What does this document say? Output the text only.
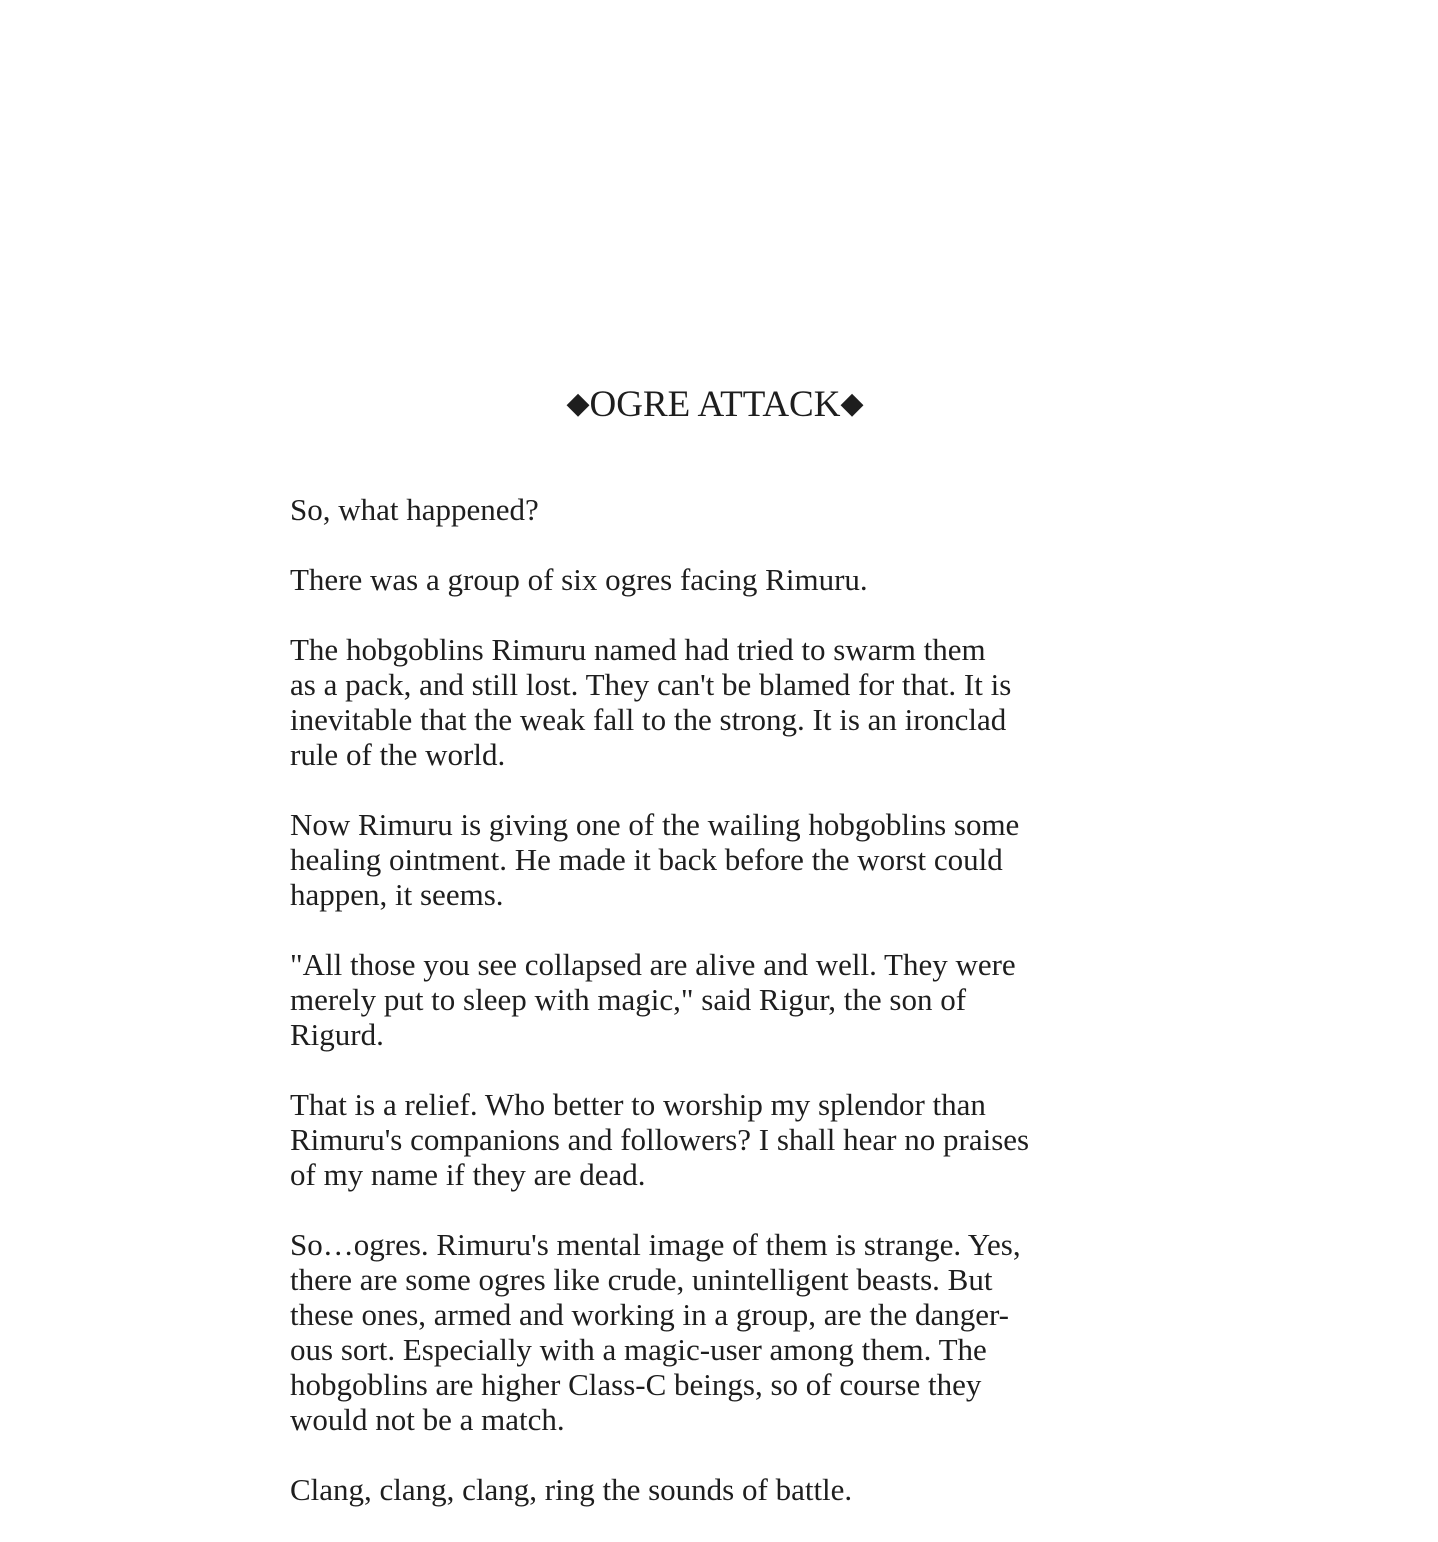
◆OGRE ATTACK◆

So, what happened?

There was a group of six ogres facing Rimuru.

The hobgoblins Rimuru named had tried to swarm them
as a pack, and still lost. They can't be blamed for that. It is
inevitable that the weak fall to the strong. It is an ironclad
rule of the world.

Now Rimuru is giving one of the wailing hobgoblins some
healing ointment. He made it back before the worst could
happen, it seems.

"All those you see collapsed are alive and well. They were
merely put to sleep with magic," said Rigur, the son of
Rigurd.

That is a relief. Who better to worship my splendor than
Rimuru's companions and followers? I shall hear no praises
of my name if they are dead.

So…ogres. Rimuru's mental image of them is strange. Yes,
there are some ogres like crude, unintelligent beasts. But
these ones, armed and working in a group, are the danger-
ous sort. Especially with a magic-user among them. The
hobgoblins are higher Class-C beings, so of course they
would not be a match.

Clang, clang, clang, ring the sounds of battle.
